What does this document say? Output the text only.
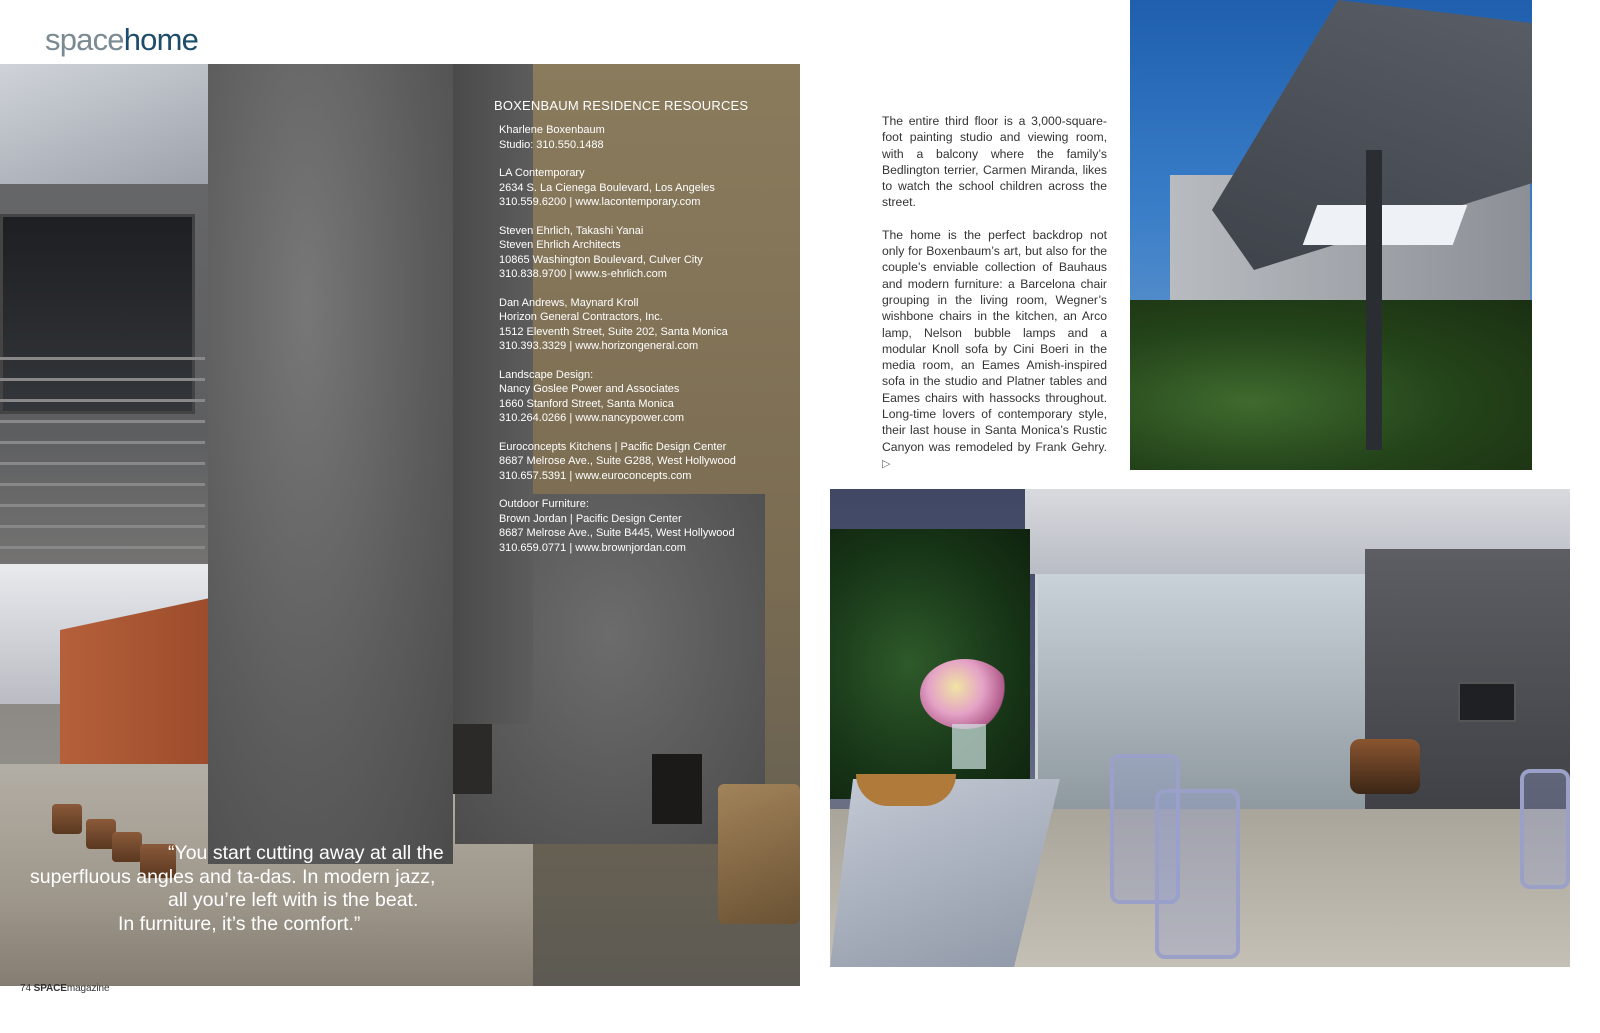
spacehome
BOXENBAUM RESIDENCE RESOURCES
Kharlene Boxenbaum
Studio: 310.550.1488
LA Contemporary
2634 S. La Cienega Boulevard, Los Angeles
310.559.6200 | www.lacontemporary.com
Steven Ehrlich, Takashi Yanai
Steven Ehrlich Architects
10865 Washington Boulevard, Culver City
310.838.9700 | www.s-ehrlich.com
Dan Andrews, Maynard Kroll
Horizon General Contractors, Inc.
1512 Eleventh Street, Suite 202, Santa Monica
310.393.3329 | www.horizongeneral.com
Landscape Design:
Nancy Goslee Power and Associates
1660 Stanford Street, Santa Monica
310.264.0266 | www.nancypower.com
Euroconcepts Kitchens | Pacific Design Center
8687 Melrose Ave., Suite G288, West Hollywood
310.657.5391 | www.euroconcepts.com
Outdoor Furniture:
Brown Jordan | Pacific Design Center
8687 Melrose Ave., Suite B445, West Hollywood
310.659.0771 | www.brownjordan.com
“You start cutting away at all the
superfluous angles and ta-das. In modern jazz,
all you’re left with is the beat.
In furniture, it’s the comfort.”

The entire third floor is a 3,000-square-foot painting studio and viewing room, with a balcony where the family’s Bedlington terrier, Carmen Miranda, likes to watch the school children across the street.

The home is the perfect backdrop not only for Boxenbaum’s art, but also for the couple’s enviable collection of Bauhaus and modern furniture: a Barcelona chair grouping in the living room, Wegner’s wishbone chairs in the kitchen, an Arco lamp, Nelson bubble lamps and a modular Knoll sofa by Cini Boeri in the media room, an Eames Amish-inspired sofa in the studio and Platner tables and Eames chairs with hassocks throughout. Long-time lovers of contemporary style, their last house in Santa Monica’s Rustic Canyon was remodeled by Frank Gehry. ▷

74 SPACEmagazine
